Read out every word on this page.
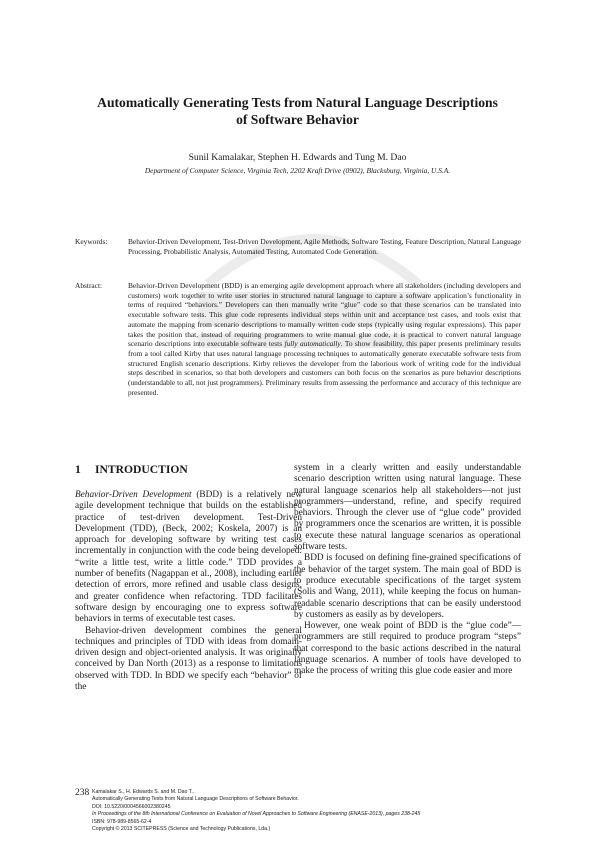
Automatically Generating Tests from Natural Language Descriptions of Software Behavior
Sunil Kamalakar, Stephen H. Edwards and Tung M. Dao
Department of Computer Science, Virginia Tech, 2202 Kraft Drive (0902), Blacksburg, Virginia, U.S.A.
Keywords:	Behavior-Driven Development, Test-Driven Development, Agile Methods, Software Testing, Feature Description, Natural Language Processing, Probabilistic Analysis, Automated Testing, Automated Code Generation.
Abstract:	Behavior-Driven Development (BDD) is an emerging agile development approach where all stakeholders (including developers and customers) work together to write user stories in structured natural language to capture a software application’s functionality in terms of required “behaviors.” Developers can then manually write “glue” code so that these scenarios can be translated into executable software tests. This glue code represents individual steps within unit and acceptance test cases, and tools exist that automate the mapping from scenario descriptions to manually written code steps (typically using regular expressions). This paper takes the position that, instead of requiring programmers to write manual glue code, it is practical to convert natural language scenario descriptions into executable software tests fully automatically. To show feasibility, this paper presents preliminary results from a tool called Kirby that uses natural language processing techniques to automatically generate executable software tests from structured English scenario descriptions. Kirby relieves the developer from the laborious work of writing code for the individual steps described in scenarios, so that both developers and customers can both focus on the scenarios as pure behavior descriptions (understandable to all, not just programmers). Preliminary results from assessing the performance and accuracy of this technique are presented.
1 INTRODUCTION

Behavior-Driven Development (BDD) is a relatively new agile development technique that builds on the established practice of test-driven development. Test-Driven Development (TDD), (Beck, 2002; Koskela, 2007) is an approach for developing software by writing test cases incrementally in conjunction with the code being developed: “write a little test, write a little code.” TDD provides a number of benefits (Nagappan et al., 2008), including earlier detection of errors, more refined and usable class designs, and greater confidence when refactoring. TDD facilitates software design by encouraging one to express software behaviors in terms of executable test cases.

Behavior-driven development combines the general techniques and principles of TDD with ideas from domain-driven design and object-oriented analysis. It was originally conceived by Dan North (2013) as a response to limitations observed with TDD. In BDD we specify each “behavior” of the

system in a clearly written and easily understandable scenario description written using natural language. These natural language scenarios help all stakeholders—not just programmers—understand, refine, and specify required behaviors. Through the clever use of “glue code” provided by programmers once the scenarios are written, it is possible to execute these natural language scenarios as operational software tests.

BDD is focused on defining fine-grained specifications of the behavior of the target system. The main goal of BDD is to produce executable specifications of the target system (Solis and Wang, 2011), while keeping the focus on human-readable scenario descriptions that can be easily understood by customers as easily as by developers.

However, one weak point of BDD is the “glue code”—programmers are still required to produce program “steps” that correspond to the basic actions described in the natural language scenarios. A number of tools have developed to make the process of writing this glue code easier and more

238 Kamalakar S., H. Edwards S. and M. Dao T..
Automatically Generating Tests from Natural Language Descriptions of Software Behavior.
DOI: 10.5220/0004566002380245
In Proceedings of the 8th International Conference on Evaluation of Novel Approaches to Software Engineering (ENASE-2013), pages 238-245
ISBN: 978-989-8565-62-4
Copyright © 2013 SCITEPRESS (Science and Technology Publications, Lda.)
